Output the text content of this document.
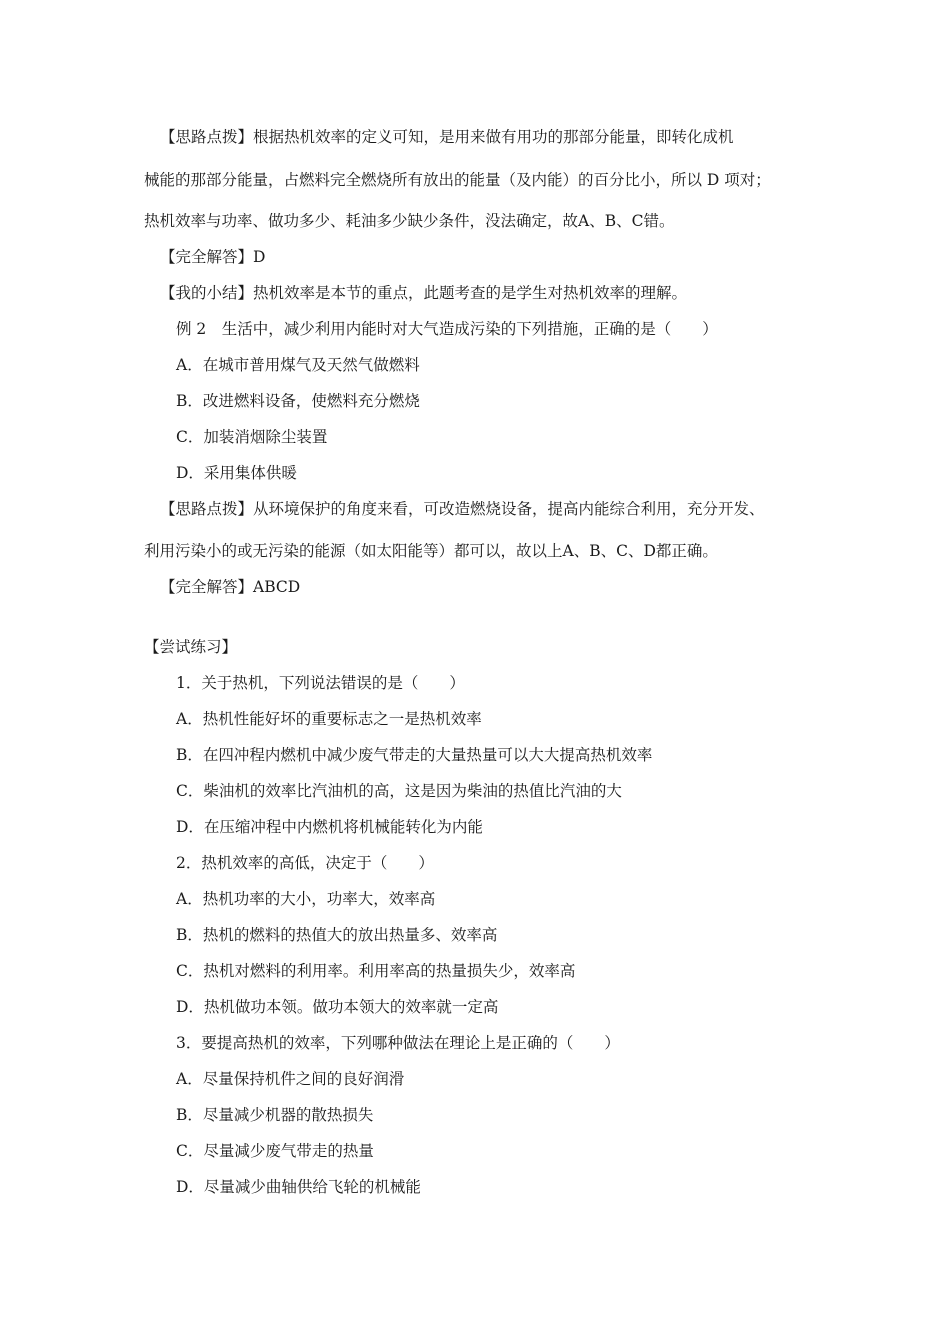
【思路点拨】根据热机效率的定义可知，是用来做有用功的那部分能量，即转化成机
械能的那部分能量，占燃料完全燃烧所有放出的能量（及内能）的百分比小，所以 D 项对；
热机效率与功率、做功多少、耗油多少缺少条件，没法确定，故A、B、C错。
【完全解答】D
【我的小结】热机效率是本节的重点，此题考查的是学生对热机效率的理解。
例 2　生活中，减少利用内能时对大气造成污染的下列措施，正确的是（　　）
A．在城市普用煤气及天然气做燃料
B．改进燃料设备，使燃料充分燃烧
C．加装消烟除尘装置
D．采用集体供暖
【思路点拨】从环境保护的角度来看，可改造燃烧设备，提高内能综合利用，充分开发、
利用污染小的或无污染的能源（如太阳能等）都可以，故以上A、B、C、D都正确。
【完全解答】ABCD
【尝试练习】
1．关于热机，下列说法错误的是（　　）
A．热机性能好坏的重要标志之一是热机效率
B．在四冲程内燃机中减少废气带走的大量热量可以大大提高热机效率
C．柴油机的效率比汽油机的高，这是因为柴油的热值比汽油的大
D．在压缩冲程中内燃机将机械能转化为内能
2．热机效率的高低，决定于（　　）
A．热机功率的大小，功率大，效率高
B．热机的燃料的热值大的放出热量多、效率高
C．热机对燃料的利用率。利用率高的热量损失少，效率高
D．热机做功本领。做功本领大的效率就一定高
3．要提高热机的效率，下列哪种做法在理论上是正确的（　　）
A．尽量保持机件之间的良好润滑
B．尽量减少机器的散热损失
C．尽量减少废气带走的热量
D．尽量减少曲轴供给飞轮的机械能
